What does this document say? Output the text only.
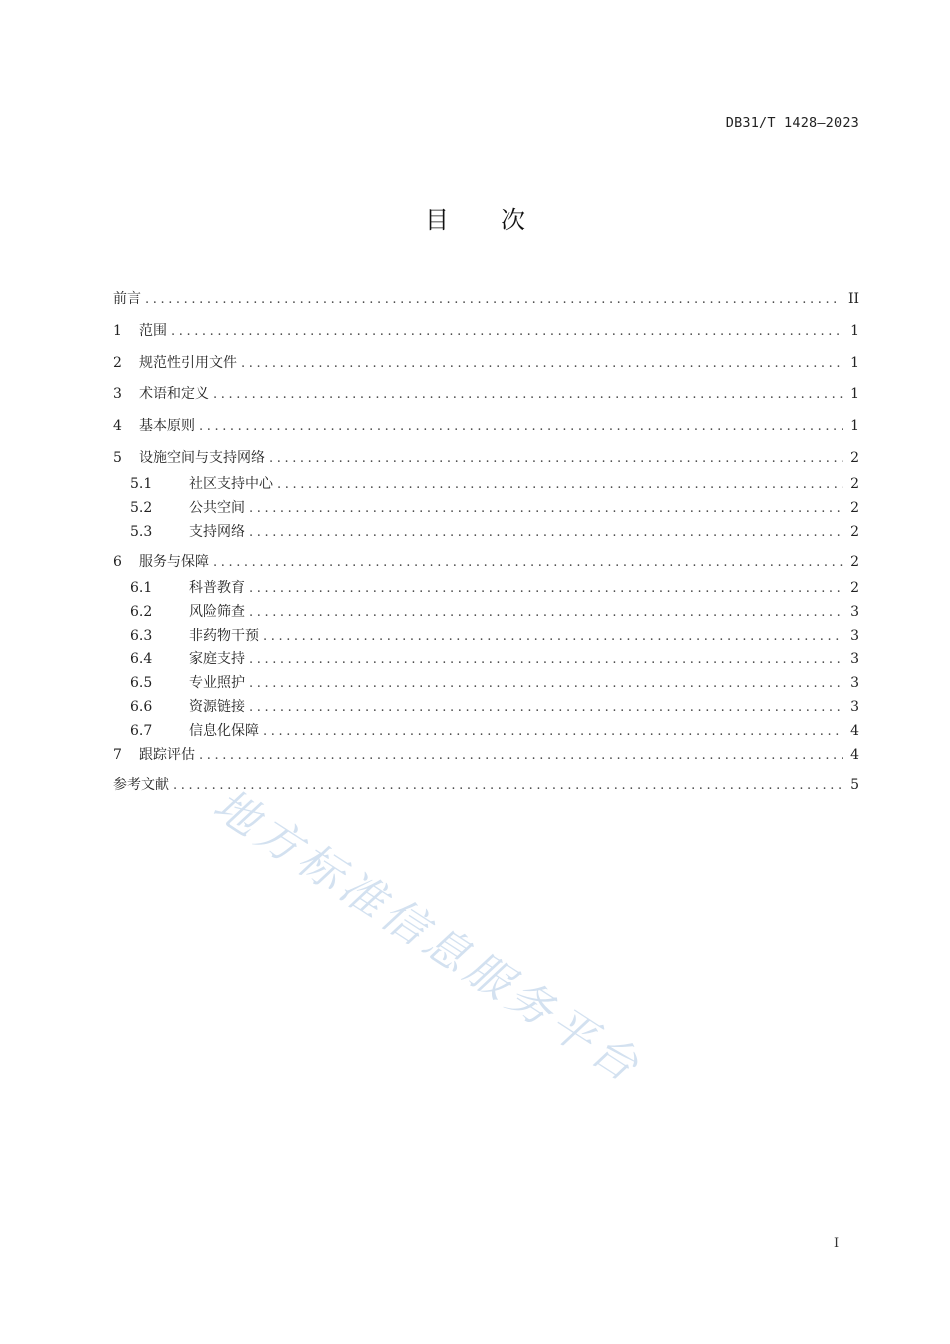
DB31/T 1428—2023
目次
前言 .....	II
1	范围 .....	1
2	规范性引用文件 .....	1
3	术语和定义 .....	1
4	基本原则 .....	1
5	设施空间与支持网络 .....	2
5.1	社区支持中心 .....	2
5.2	公共空间 .....	2
5.3	支持网络 .....	2
6	服务与保障 .....	2
6.1	科普教育 .....	2
6.2	风险筛查 .....	3
6.3	非药物干预 .....	3
6.4	家庭支持 .....	3
6.5	专业照护 .....	3
6.6	资源链接 .....	3
6.7	信息化保障 .....	4
7	跟踪评估 .....	4
参考文献 .....	5
地方标准信息服务平台
I
